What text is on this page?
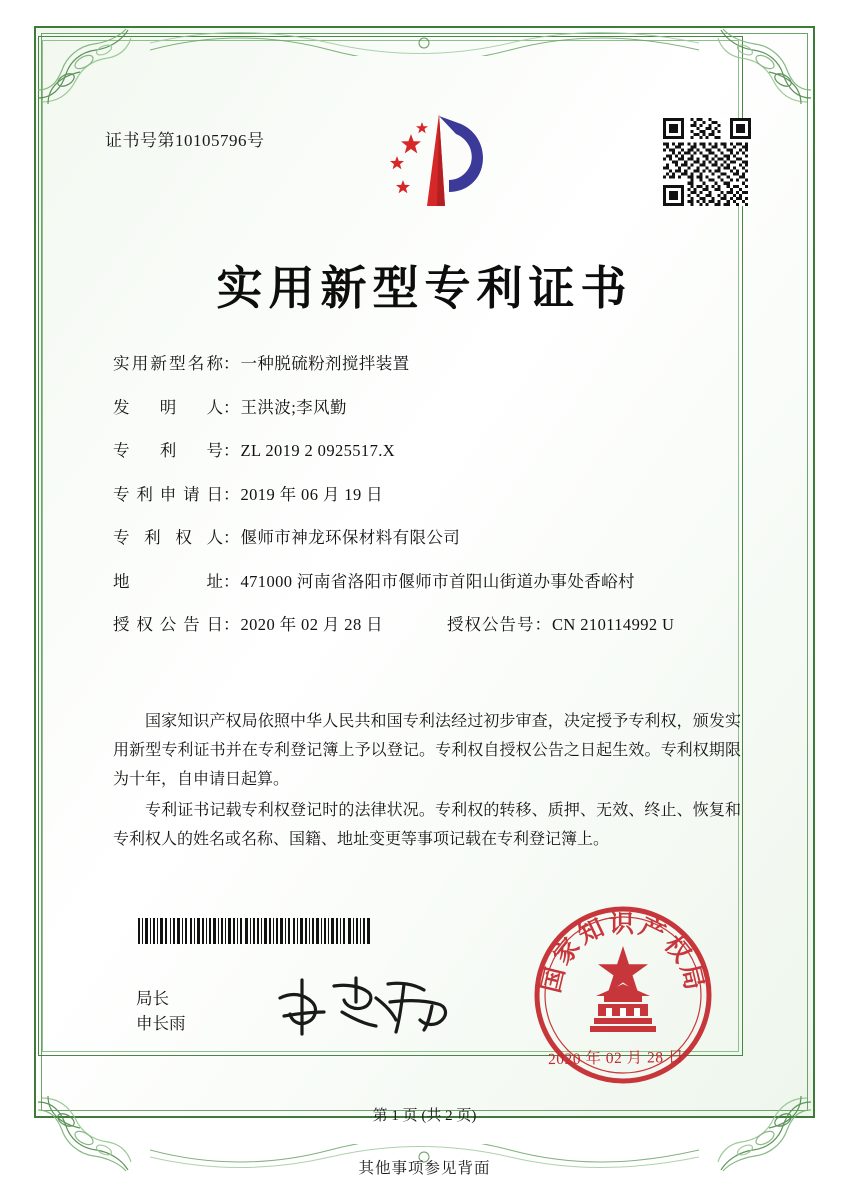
证书号第10105796号
实用新型专利证书
实用新型名称 ： 一种脱硫粉剂搅拌装置
发明人 ： 王洪波;李风勤
专利号 ： ZL 2019 2 0925517.X
专利申请日 ： 2019 年 06 月 19 日
专利权人 ： 偃师市神龙环保材料有限公司
地址 ： 471000 河南省洛阳市偃师市首阳山街道办事处香峪村
授权公告日 ： 2020 年 02 月 28 日	授权公告号 ： CN 210114992 U

国家知识产权局依照中华人民共和国专利法经过初步审查，决定授予专利权，颁发实用新型专利证书并在专利登记簿上予以登记。专利权自授权公告之日起生效。专利权期限为十年，自申请日起算。

专利证书记载专利权登记时的法律状况。专利权的转移、质押、无效、终止、恢复和专利权人的姓名或名称、国籍、地址变更等事项记载在专利登记簿上。

局长
申长雨
国家知识产权局
2020 年 02 月 28 日
第 1 页 (共 2 页)
其他事项参见背面
